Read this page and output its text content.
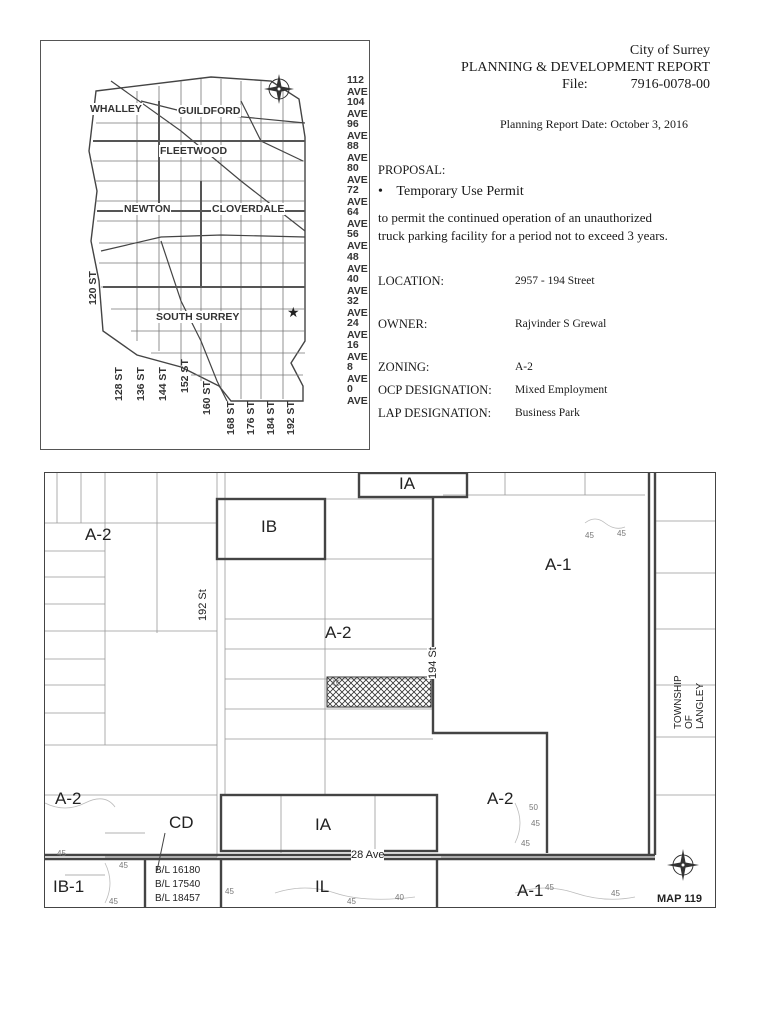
★
112 AVE
104 AVE
96 AVE
88 AVE
80 AVE
72 AVE
64 AVE
56 AVE
48 AVE
40 AVE
32 AVE
24 AVE
16 AVE
8 AVE
0 AVE
120 ST
128 ST 136 ST 144 ST 152 ST
160 ST
168 ST 176 ST 184 ST 192 ST
WHALLEY	GUILDFORD
FLEETWOOD
NEWTON	CLOVERDALE
SOUTH SURREY
City of Surrey
PLANNING & DEVELOPMENT REPORT
File:	7916-0078-00
Planning Report Date: October 3, 2016
PROPOSAL:
• Temporary Use Permit
to permit the continued operation of an unauthorized
truck parking facility for a period not to exceed 3 years.
LOCATION:	2957 - 194 Street
OWNER:	Rajvinder S Grewal
ZONING:	A-2
OCP DESIGNATION: Mixed Employment
LAP DESIGNATION: Business Park
A-2	IB
IA
A-1
A-2
A-2	A-2
CD	IA
IB-1	IL	A-1
192 St
194 St
28 Ave
TOWNSHIP OF LANGLEY
B/L 16180
B/L 17540
B/L 18457
45
45
45
45
45
50
45
45
45
45
45
45
40
45
MAP 119
